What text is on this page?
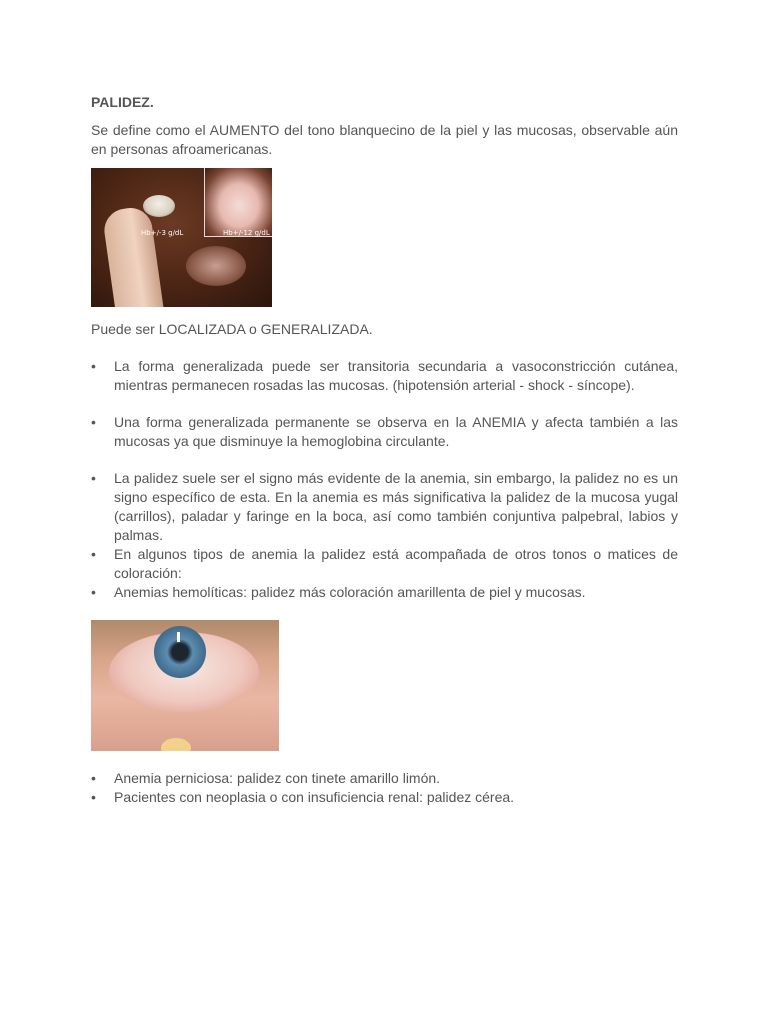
PALIDEZ.

Se define como el AUMENTO del tono blanquecino de la piel y las mucosas, observable aún en personas afroamericanas.

Hb+/-3 g/dL	Hb+/-12 g/dL

Puede ser LOCALIZADA o GENERALIZADA.

• La forma generalizada puede ser transitoria secundaria a vasoconstricción cutánea, mientras permanecen rosadas las mucosas. (hipotensión arterial - shock - síncope).
• Una forma generalizada permanente se observa en la ANEMIA y afecta también a las mucosas ya que disminuye la hemoglobina circulante.
• La palidez suele ser el signo más evidente de la anemia, sin embargo, la palidez no es un signo específico de esta. En la anemia es más significativa la palidez de la mucosa yugal (carrillos), paladar y faringe en la boca, así como también conjuntiva palpebral, labios y palmas.
• En algunos tipos de anemia la palidez está acompañada de otros tonos o matices de coloración:
• Anemias hemolíticas: palidez más coloración amarillenta de piel y mucosas.
• Anemia perniciosa: palidez con tinete amarillo limón.
• Pacientes con neoplasia o con insuficiencia renal: palidez cérea.
